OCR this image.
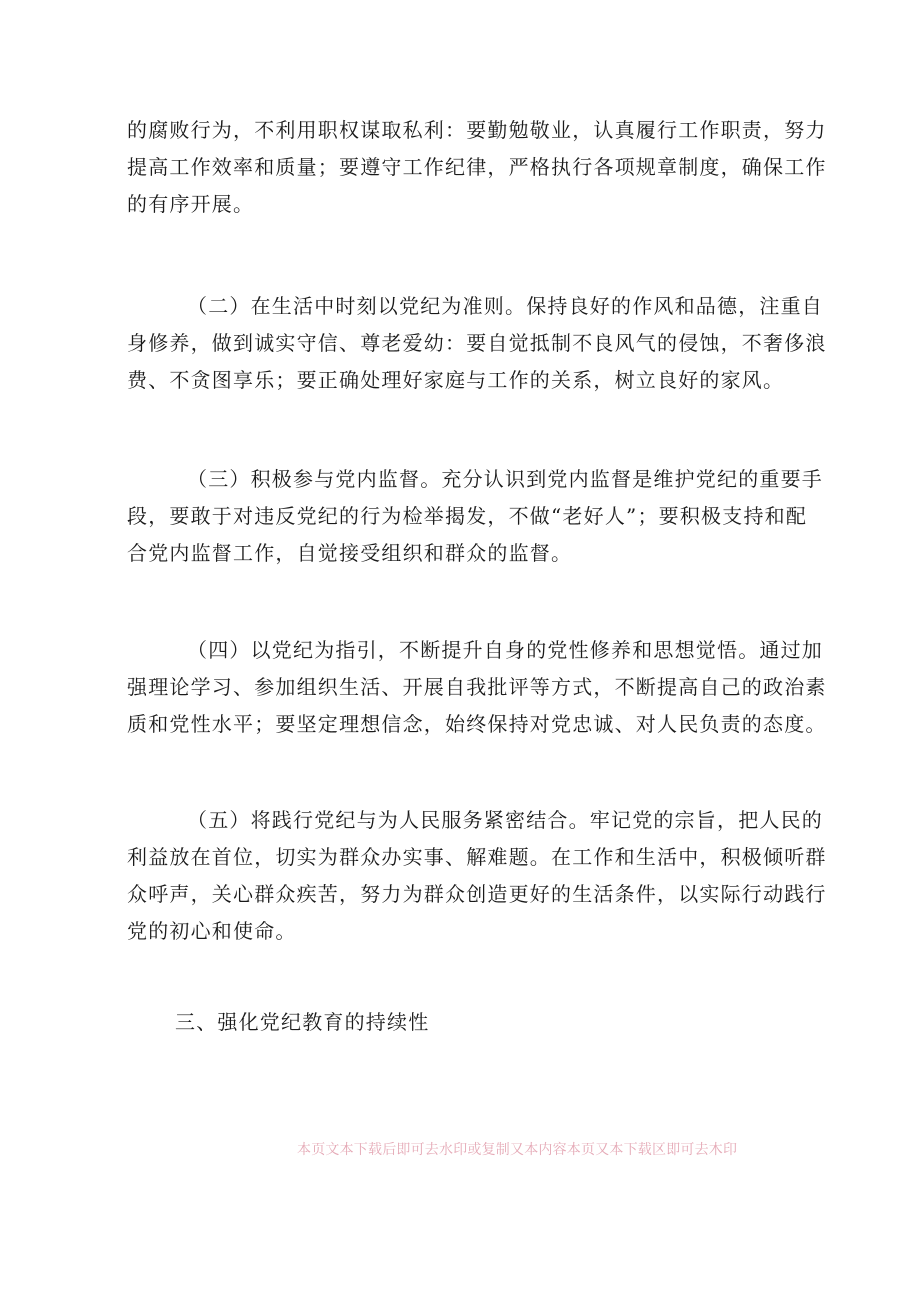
的腐败行为，不利用职权谋取私利：要勤勉敬业，认真履行工作职责，努力
提高工作效率和质量；要遵守工作纪律，严格执行各项规章制度，确保工作
的有序开展。

（二）在生活中时刻以党纪为准则。保持良好的作风和品德，注重自
身修养，做到诚实守信、尊老爱幼：要自觉抵制不良风气的侵蚀，不奢侈浪
费、不贪图享乐；要正确处理好家庭与工作的关系，树立良好的家风。

（三）积极参与党内监督。充分认识到党内监督是维护党纪的重要手
段，要敢于对违反党纪的行为检举揭发，不做“老好人”；要积极支持和配
合党内监督工作，自觉接受组织和群众的监督。

（四）以党纪为指引，不断提升自身的党性修养和思想觉悟。通过加
强理论学习、参加组织生活、开展自我批评等方式，不断提高自己的政治素
质和党性水平；要坚定理想信念，始终保持对党忠诚、对人民负责的态度。

（五）将践行党纪与为人民服务紧密结合。牢记党的宗旨，把人民的
利益放在首位，切实为群众办实事、解难题。在工作和生活中，积极倾听群
众呼声，关心群众疾苦，努力为群众创造更好的生活条件，以实际行动践行
党的初心和使命。

三、强化党纪教育的持续性
本页文本下载后即可去水印或复制又本内容本页又本下载区即可去木印
